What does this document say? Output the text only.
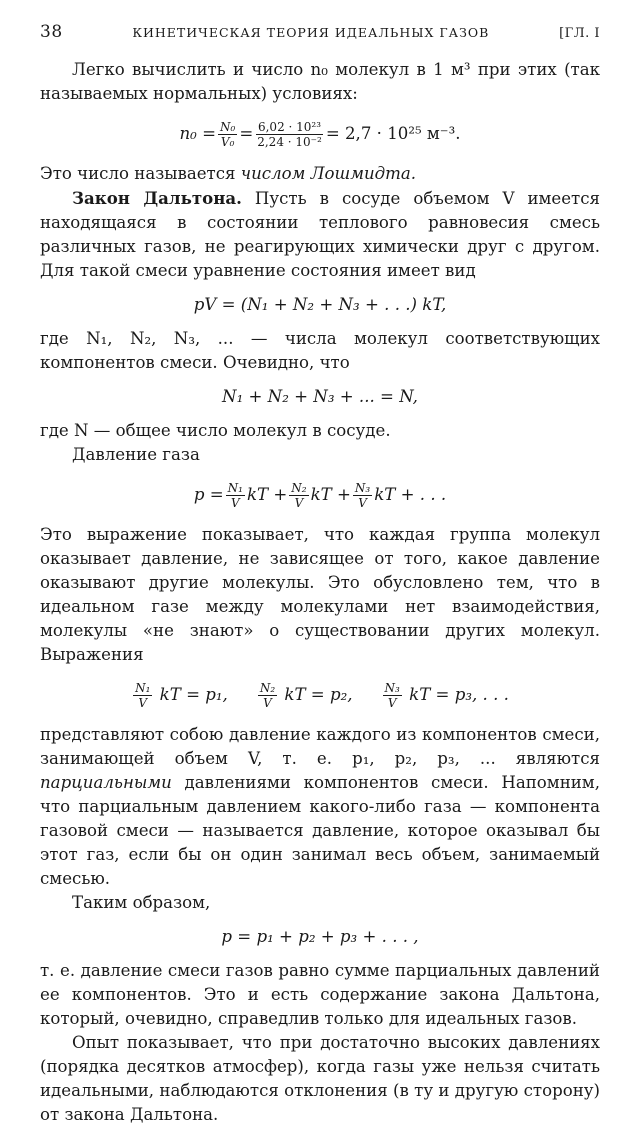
38	КИНЕТИЧЕСКАЯ ТЕОРИЯ ИДЕАЛЬНЫХ ГАЗОВ	[ГЛ. I

Легко вычислить и число n₀ молекул в 1 м³ при этих (так называемых нормальных) условиях:

$n_0 = \frac{\text{N₀}}{\text{V₀}} = \frac{\text{6,02 · 10²³}}{\text{2,24 · 10⁻²}} = 2,7 \cdot 10^{25}$ м⁻³.

Это число называется числом Лошмидта.

Закон Дальтона. Пусть в сосуде объемом V имеется находящаяся в состоянии теплового равновесия смесь различных газов, не реагирующих химически друг с другом. Для такой смеси уравнение состояния имеет вид

pV = (N₁ + N₂ + N₃ + . . .) kT,

где N₁, N₂, N₃, ... — числа молекул соответствующих компонентов смеси. Очевидно, что

N₁ + N₂ + N₃ + ... = N,

где N — общее число молекул в сосуде.

Давление газа

$p = \frac{\text{N₁}}{V}$ kT + $\frac{\text{N₂}}{V}$ kT + $\frac{\text{N₃}}{V}$ kT + . . .

Это выражение показывает, что каждая группа молекул оказывает давление, не зависящее от того, какое давление оказывают другие молекулы. Это обусловлено тем, что в идеальном газе между молекулами нет взаимодействия, молекулы «не знают» о существовании других молекул. Выражения

$\frac{\text{N₁}}{V}$ kT = p₁,	$\frac{\text{N₂}}{V}$ kT = p₂,	$\frac{\text{N₃}}{V}$ kT = p₃, . . .

представляют собою давление каждого из компонентов смеси, занимающей объем V, т. е. p₁, p₂, p₃, ... являются парциальными давлениями компонентов смеси. Напомним, что парциальным давлением какого-либо газа — компонента газовой смеси — называется давление, которое оказывал бы этот газ, если бы он один занимал весь объем, занимаемый смесью.

Таким образом,

p = p₁ + p₂ + p₃ + . . . ,

т. е. давление смеси газов равно сумме парциальных давлений ее компонентов. Это и есть содержание закона Дальтона, который, очевидно, справедлив только для идеальных газов.

Опыт показывает, что при достаточно высоких давлениях (порядка десятков атмосфер), когда газы уже нельзя считать идеальными, наблюдаются отклонения (в ту и другую сторону) от закона Дальтона.
